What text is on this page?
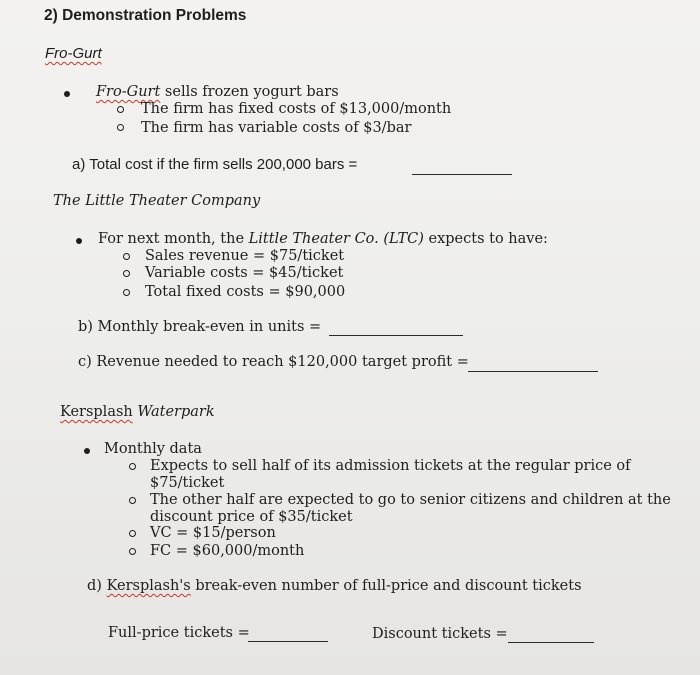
2) Demonstration Problems
Fro-Gurt
Fro-Gurt sells frozen yogurt bars
The firm has fixed costs of $13,000/month
The firm has variable costs of $3/bar
a) Total cost if the firm sells 200,000 bars =
The Little Theater Company
For next month, the Little Theater Co. (LTC) expects to have:
Sales revenue = $75/ticket
Variable costs = $45/ticket
Total fixed costs = $90,000
b) Monthly break-even in units =
c) Revenue needed to reach $120,000 target profit =
Kersplash Waterpark
Monthly data
Expects to sell half of its admission tickets at the regular price of
$75/ticket
The other half are expected to go to senior citizens and children at the
discount price of $35/ticket
VC = $15/person
FC = $60,000/month
d) Kersplash's break-even number of full-price and discount tickets
Full-price tickets =	Discount tickets =
